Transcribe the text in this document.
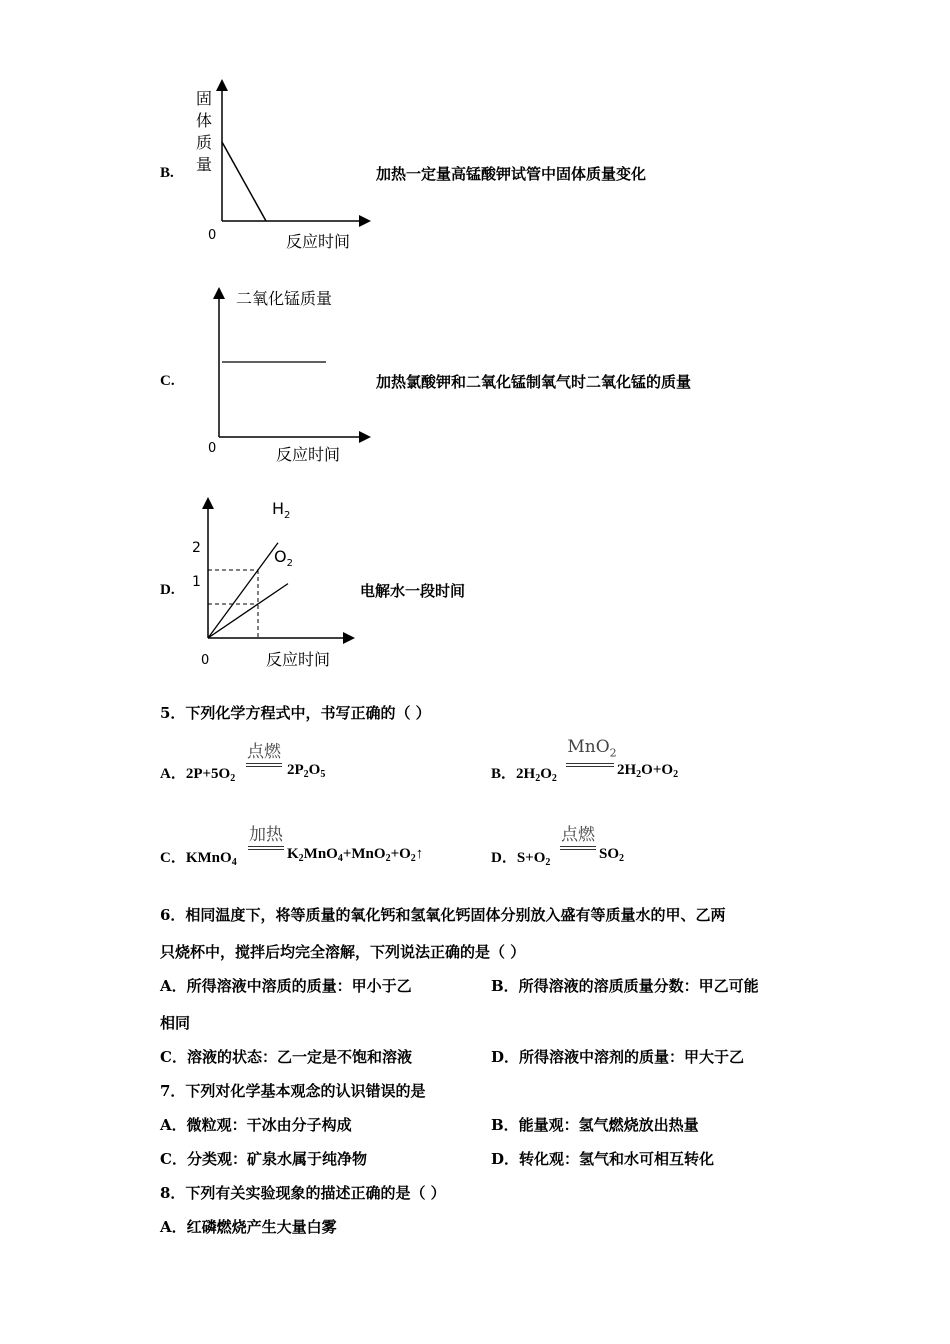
B.
固
体
质
量
0	反应时间
加热一定量高锰酸钾试管中固体质量变化
C.
二氧化锰质量
0	反应时间
加热氯酸钾和二氧化锰制氧气时二氧化锰的质量
D.
2
1
$H_2$
$O_2$
0	反应时间
电解水一段时间
5．下列化学方程式中，书写正确的（ ）
A．$2P+5O_2$
点燃
$2P_2O_5$	B．$2H_2O_2$
MnO$_2$
$2H_2O+O_2$
C．KMnO$_4$
加热
$K_2MnO_4+MnO_2+O_2↑$	D．$S+O_2$
点燃
$SO_2$
6．相同温度下，将等质量的氧化钙和氢氧化钙固体分别放入盛有等质量水的甲、乙两
只烧杯中，搅拌后均完全溶解，下列说法正确的是（ ）
A．所得溶液中溶质的质量：甲小于乙	B．所得溶液的溶质质量分数：甲乙可能
相同
C．溶液的状态：乙一定是不饱和溶液	D．所得溶液中溶剂的质量：甲大于乙
7．下列对化学基本观念的认识错误的是
A．微粒观：干冰由分子构成	B．能量观：氢气燃烧放出热量
C．分类观：矿泉水属于纯净物	D．转化观：氢气和水可相互转化
8．下列有关实验现象的描述正确的是（ ）
A．红磷燃烧产生大量白雾
